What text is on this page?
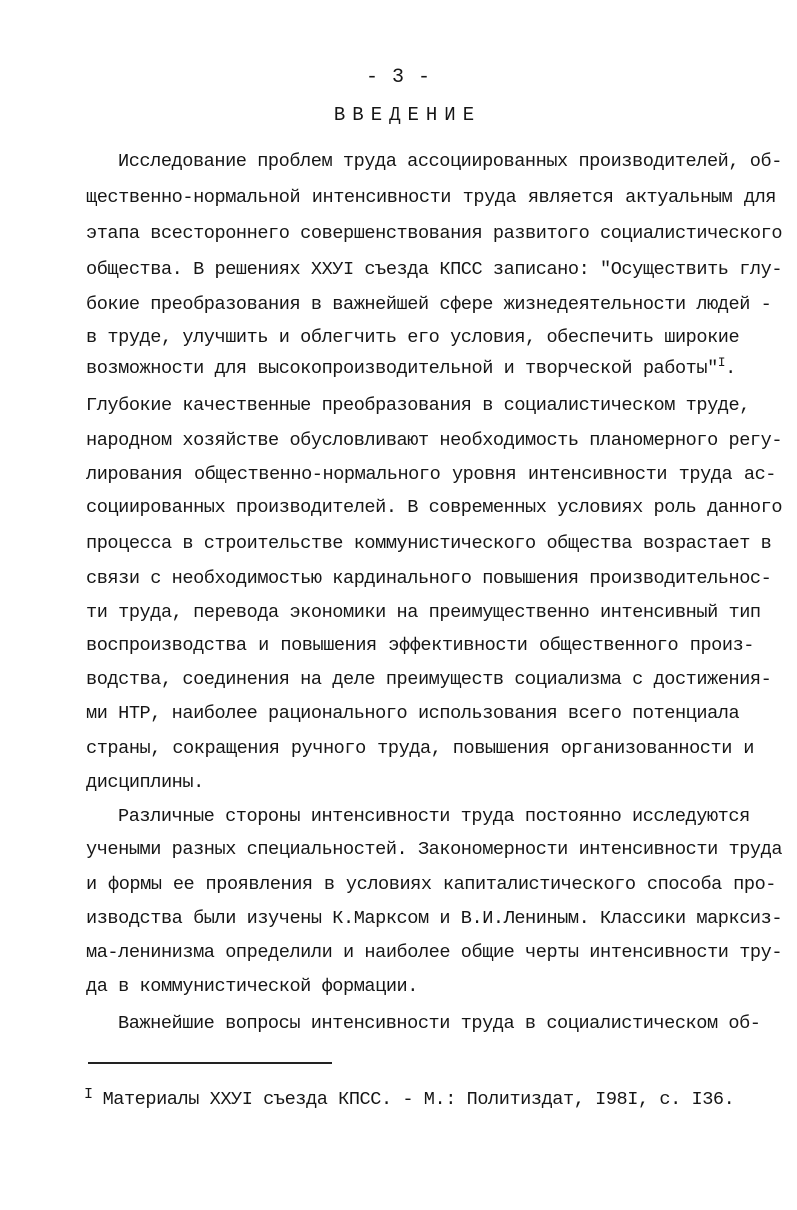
- 3 -
ВВЕДЕНИЕ
Исследование проблем труда ассоциированных производителей, об-
щественно-нормальной интенсивности труда является актуальным для
этапа всестороннего совершенствования развитого социалистического
общества. В решениях XXУI съезда КПСС записано: "Осуществить глу-
бокие преобразования в важнейшей сфере жизнедеятельности людей -
в труде, улучшить и облегчить его условия, обеспечить широкие
возможности для высокопроизводительной и творческой работы"$^I$.
Глубокие качественные преобразования в социалистическом труде,
народном хозяйстве обусловливают необходимость планомерного регу-
лирования общественно-нормального уровня интенсивности труда ас-
социированных производителей. В современных условиях роль данного
процесса в строительстве коммунистического общества возрастает в
связи с необходимостью кардинального повышения производительнос-
ти труда, перевода экономики на преимущественно интенсивный тип
воспроизводства и повышения эффективности общественного произ-
водства, соединения на деле преимуществ социализма с достижения-
ми НТР, наиболее рационального использования всего потенциала
страны, сокращения ручного труда, повышения организованности и
дисциплины.
Различные стороны интенсивности труда постоянно исследуются
учеными разных специальностей. Закономерности интенсивности труда
и формы ее проявления в условиях капиталистического способа про-
изводства были изучены К.Марксом и В.И.Лениным. Классики марксиз-
ма-ленинизма определили и наиболее общие черты интенсивности тру-
да в коммунистической формации.
Важнейшие вопросы интенсивности труда в социалистическом об-
I Материалы XXУI съезда КПСС. - М.: Политиздат, I98I, с. I36.
